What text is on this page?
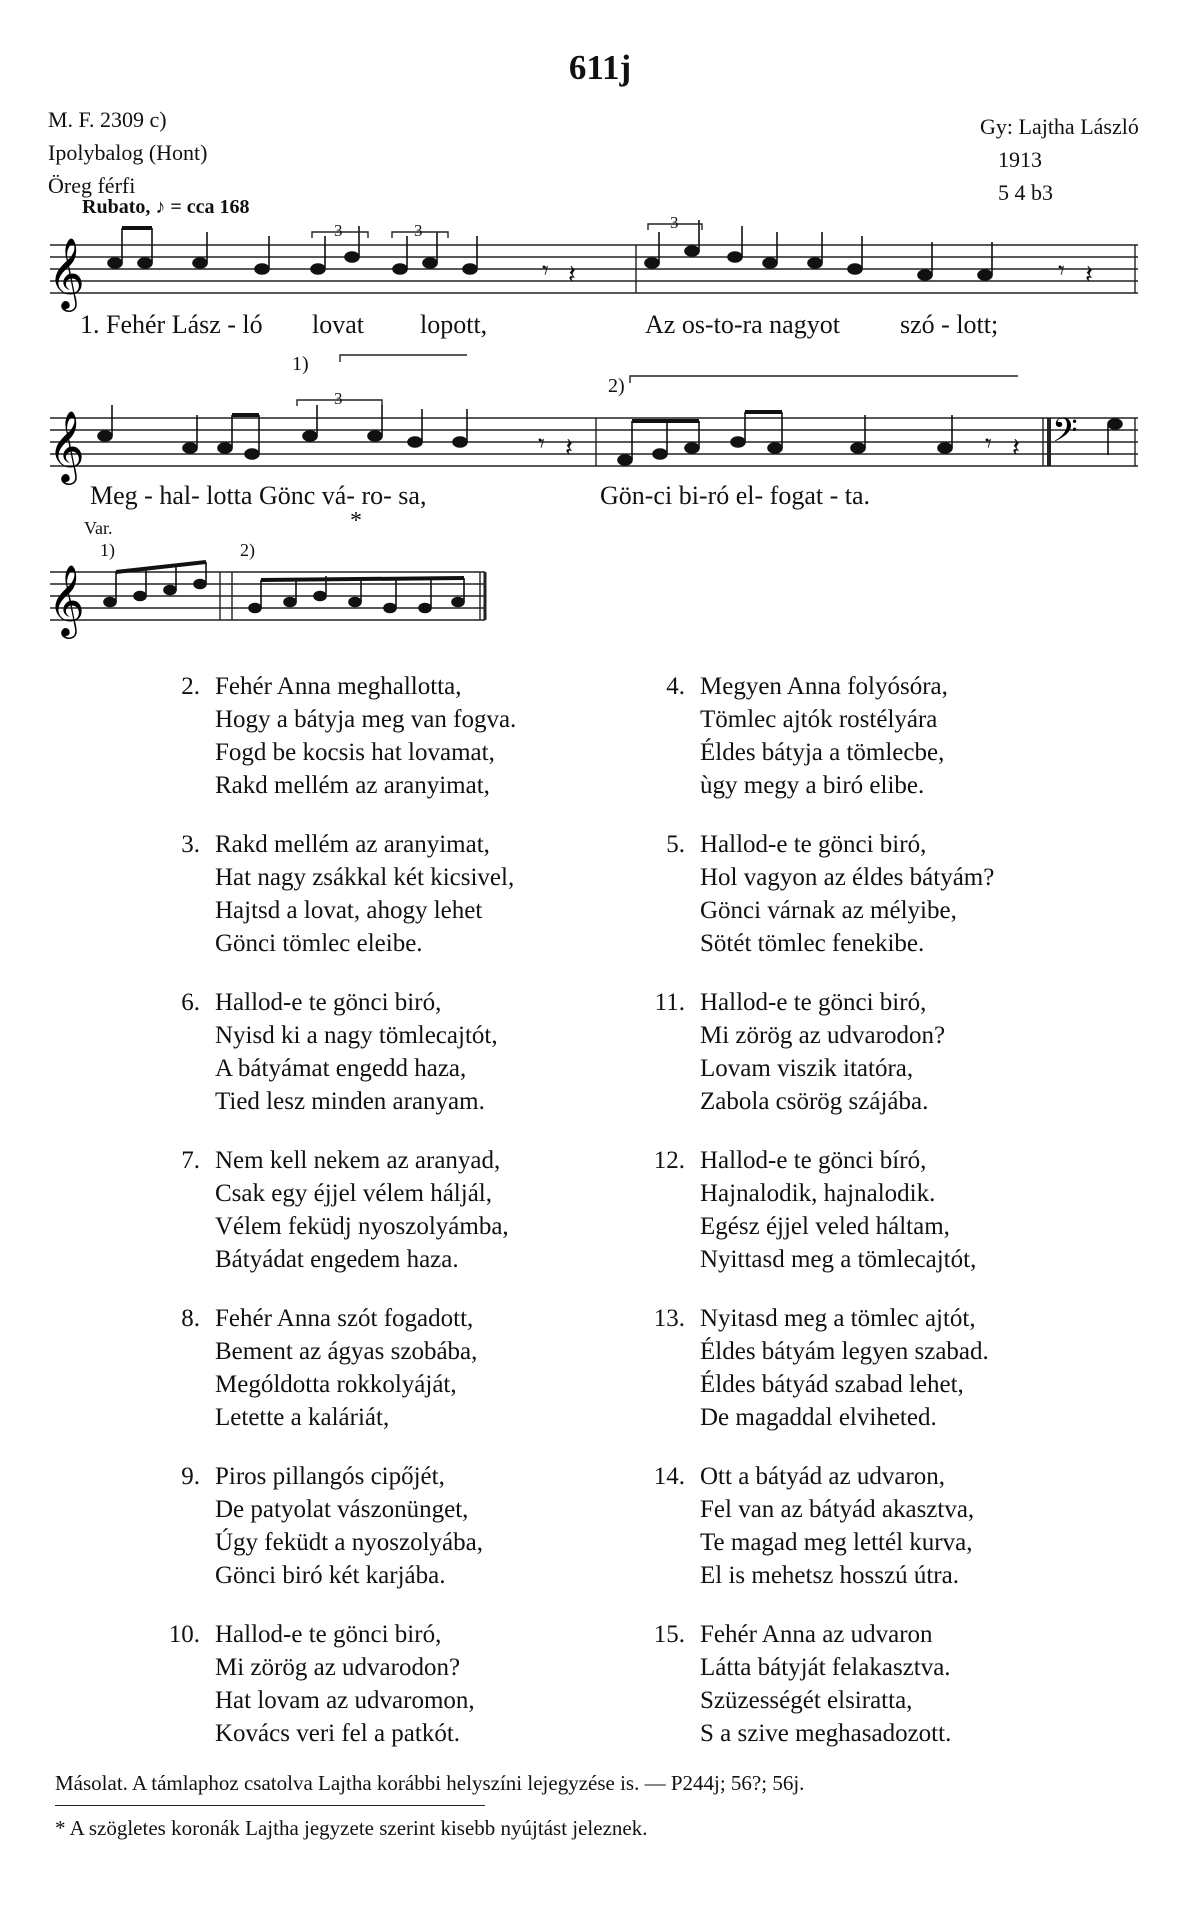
611j
M. F. 2309 c)
Ipolybalog (Hont)
Öreg férfi
Gy: Lajtha László
1913
5 4 b3
Rubato, ♪ = cca 168
𝄞
𝄞
𝄞
𝄢
𝄾 𝄽	𝄾 𝄽
𝄾 𝄽	𝄾 𝄽
3	3	3
3
1)
2)
Var.
1)	2)
*
1. Fehér Lász - ló lovat lopott,	Az os-to-ra nagyot szó - lott;
Meg - hal- lotta Gönc vá- ro- sa,	Gön-ci bi-ró el- fogat - ta.
2. Fehér Anna meghallotta,
Hogy a bátyja meg van fogva.
Fogd be kocsis hat lovamat,
Rakd mellém az aranyimat,
3. Rakd mellém az aranyimat,
Hat nagy zsákkal két kicsivel,
Hajtsd a lovat, ahogy lehet
Gönci tömlec eleibe.
6. Hallod-e te gönci biró,
Nyisd ki a nagy tömlecajtót,
A bátyámat engedd haza,
Tied lesz minden aranyam.
7. Nem kell nekem az aranyad,
Csak egy éjjel vélem háljál,
Vélem feküdj nyoszolyámba,
Bátyádat engedem haza.
8. Fehér Anna szót fogadott,
Bement az ágyas szobába,
Mególdotta rokkolyáját,
Letette a kaláriát,
9. Piros pillangós cipőjét,
De patyolat vászonünget,
Úgy feküdt a nyoszolyába,
Gönci biró két karjába.
10. Hallod-e te gönci biró,
Mi zörög az udvarodon?
Hat lovam az udvaromon,
Kovács veri fel a patkót.
4. Megyen Anna folyósóra,
Tömlec ajtók rostélyára
Éldes bátyja a tömlecbe,
ùgy megy a biró elibe.
5. Hallod-e te gönci biró,
Hol vagyon az éldes bátyám?
Gönci várnak az mélyibe,
Sötét tömlec fenekibe.
11. Hallod-e te gönci biró,
Mi zörög az udvarodon?
Lovam viszik itatóra,
Zabola csörög szájába.
12. Hallod-e te gönci bíró,
Hajnalodik, hajnalodik.
Egész éjjel veled háltam,
Nyittasd meg a tömlecajtót,
13. Nyitasd meg a tömlec ajtót,
Éldes bátyám legyen szabad.
Éldes bátyád szabad lehet,
De magaddal elviheted.
14. Ott a bátyád az udvaron,
Fel van az bátyád akasztva,
Te magad meg lettél kurva,
El is mehetsz hosszú útra.
15. Fehér Anna az udvaron
Látta bátyját felakasztva.
Szüzességét elsiratta,
S a szive meghasadozott.
Másolat. A támlaphoz csatolva Lajtha korábbi helyszíni lejegyzése is. — P244j; 56?; 56j.
* A szögletes koronák Lajtha jegyzete szerint kisebb nyújtást jeleznek.
